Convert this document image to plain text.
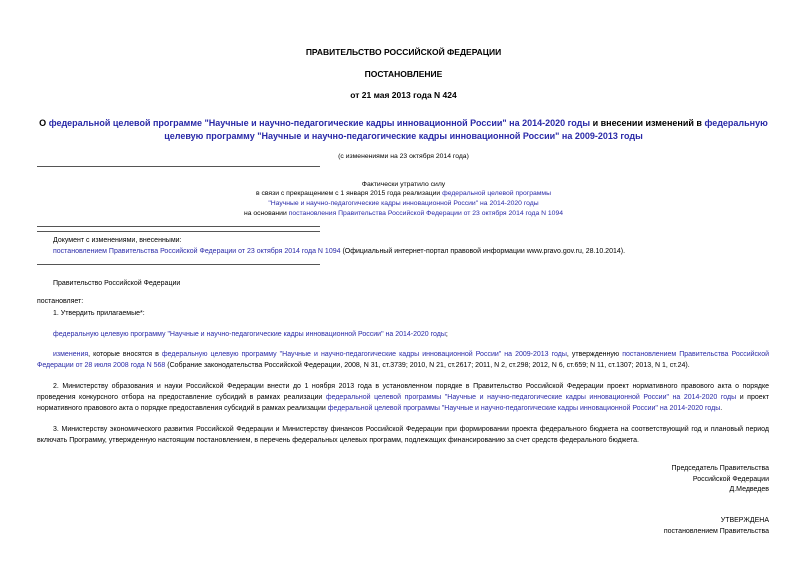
ПРАВИТЕЛЬСТВО РОССИЙСКОЙ ФЕДЕРАЦИИ
ПОСТАНОВЛЕНИЕ
от 21 мая 2013 года N 424
О федеральной целевой программе "Научные и научно-педагогические кадры инновационной России" на 2014-2020 годы и внесении изменений в федеральную
целевую программу "Научные и научно-педагогические кадры инновационной России" на 2009-2013 годы
(с изменениями на 23 октября 2014 года)
Фактически утратило силу
в связи с прекращением с 1 января 2015 года реализации федеральной целевой программы
"Научные и научно-педагогические кадры инновационной России" на 2014-2020 годы
на основании постановления Правительства Российской Федерации от 23 октября 2014 года N 1094
Документ с изменениями, внесенными:
постановлением Правительства Российской Федерации от 23 октября 2014 года N 1094 (Официальный интернет-портал правовой информации www.pravo.gov.ru, 28.10.2014).
Правительство Российской Федерации
постановляет:
1. Утвердить прилагаемые*:
федеральную целевую программу "Научные и научно-педагогические кадры инновационной России" на 2014-2020 годы;
изменения, которые вносятся в федеральную целевую программу "Научные и научно-педагогические кадры инновационной России" на 2009-2013 годы, утвержденную постановлением Правительства Российской Федерации от 28 июля 2008 года N 568 (Собрание законодательства Российской Федерации, 2008, N 31, ст.3739; 2010, N 21, ст.2617; 2011, N 2, ст.298; 2012, N 6, ст.659; N 11, ст.1307; 2013, N 1, ст.24).
2. Министерству образования и науки Российской Федерации внести до 1 ноября 2013 года в установленном порядке в Правительство Российской Федерации проект нормативного правового акта о порядке проведения конкурсного отбора на предоставление субсидий в рамках реализации федеральной целевой программы "Научные и научно-педагогические кадры инновационной России" на 2014-2020 годы и проект нормативного правового акта о порядке предоставления субсидий в рамках реализации федеральной целевой программы "Научные и научно-педагогические кадры инновационной России" на 2014-2020 годы.
3. Министерству экономического развития Российской Федерации и Министерству финансов Российской Федерации при формировании проекта федерального бюджета на соответствующий год и плановый период включать Программу, утвержденную настоящим постановлением, в перечень федеральных целевых программ, подлежащих финансированию за счет средств федерального бюджета.
Председатель Правительства
Российской Федерации
Д.Медведев
УТВЕРЖДЕНА
постановлением Правительства
